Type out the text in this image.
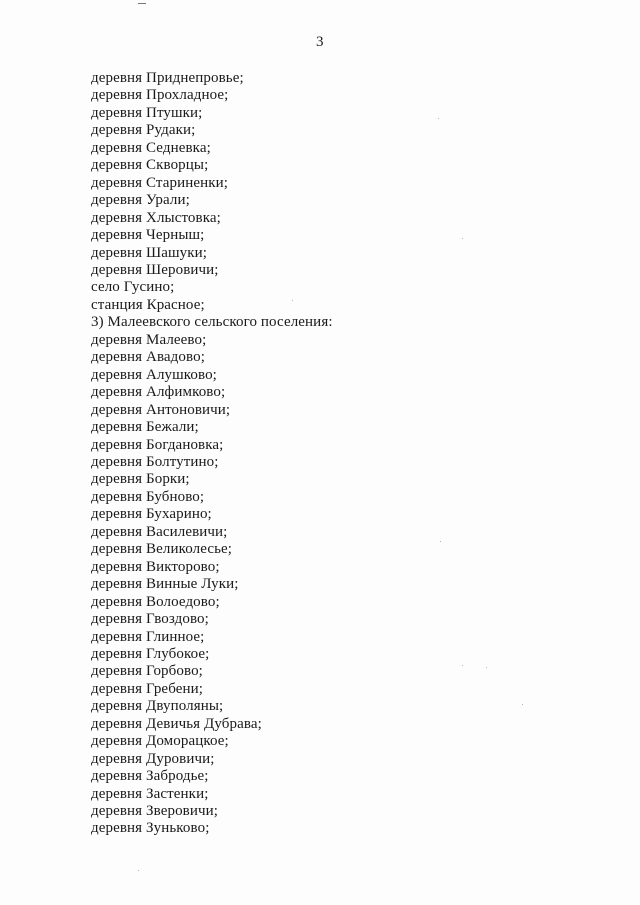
3
деревня Приднепровье;
деревня Прохладное;
деревня Птушки;
деревня Рудаки;
деревня Седневка;
деревня Скворцы;
деревня Стариненки;
деревня Урали;
деревня Хлыстовка;
деревня Черныш;
деревня Шашуки;
деревня Шеровичи;
село Гусино;
станция Красное;
3) Малеевского сельского поселения:
деревня Малеево;
деревня Авадово;
деревня Алушково;
деревня Алфимково;
деревня Антоновичи;
деревня Бежали;
деревня Богдановка;
деревня Болтутино;
деревня Борки;
деревня Бубново;
деревня Бухарино;
деревня Василевичи;
деревня Великолесье;
деревня Викторово;
деревня Винные Луки;
деревня Волоедово;
деревня Гвоздово;
деревня Глинное;
деревня Глубокое;
деревня Горбово;
деревня Гребени;
деревня Двуполяны;
деревня Девичья Дубрава;
деревня Доморацкое;
деревня Дуровичи;
деревня Забродье;
деревня Застенки;
деревня Зверовичи;
деревня Зуньково;
